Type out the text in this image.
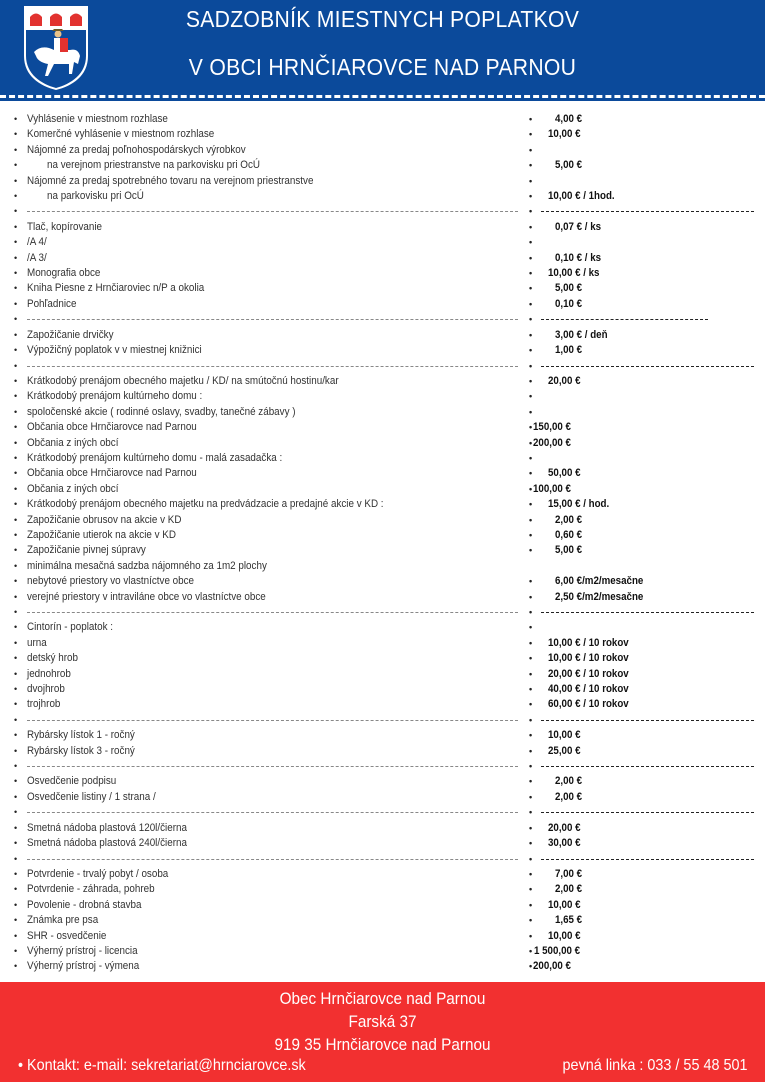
SADZOBNÍK MIESTNYCH POPLATKOV
V OBCI HRNČIAROVCE NAD PARNOU
• Vyhlásenie v miestnom rozhlase	• 4,00 €
• Komerčné vyhlásenie v miestnom rozhlase	• 10,00 €
• Nájomné za predaj poľnohospodárskych výrobkov	•
•	na verejnom priestranstve na parkovisku pri OcÚ	• 5,00 €
• Nájomné za predaj spotrebného tovaru na verejnom priestranstve	•
•	na parkovisku pri OcÚ	• 10,00 € / 1hod.
•	•
• Tlač, kopírovanie	• 0,07 € / ks
• /A 4/	•
• /A 3/	• 0,10 € / ks
• Monografia obce	• 10,00 € / ks
• Kniha Piesne z Hrnčiaroviec n/P a okolia	• 5,00 €
• Pohľadnice	• 0,10 €
•	•
• Zapožičanie drvičky	• 3,00 € / deň
• Výpožičný poplatok v v miestnej knižnici	• 1,00 €
•	•
• Krátkodobý prenájom obecného majetku / KD/ na smútočnú hostinu/kar	• 20,00 €
• Krátkodobý prenájom kultúrneho domu :	•
• spoločenské akcie ( rodinné oslavy, svadby, tanečné zábavy )	•
• Občania obce Hrnčiarovce nad Parnou	• 150,00 €
• Občania z iných obcí	• 200,00 €
• Krátkodobý prenájom kultúrneho domu - malá zasadačka :	•
• Občania obce Hrnčiarovce nad Parnou	• 50,00 €
• Občania z iných obcí	• 100,00 €
• Krátkodobý prenájom obecného majetku na predvádzacie a predajné akcie v KD :	• 15,00 € / hod.
• Zapožičanie obrusov na akcie v KD	• 2,00 €
• Zapožičanie utierok na akcie v KD	• 0,60 €
• Zapožičanie pivnej súpravy	• 5,00 €
• minimálna mesačná sadzba nájomného za 1m2 plochy
• nebytové priestory vo vlastníctve obce	• 6,00 €/m2/mesačne
• verejné priestory v intraviláne obce vo vlastníctve obce	• 2,50 €/m2/mesačne
•	•
• Cintorín - poplatok :	•
• urna	• 10,00 € / 10 rokov
• detský hrob	• 10,00 € / 10 rokov
• jednohrob	• 20,00 € / 10 rokov
• dvojhrob	• 40,00 € / 10 rokov
• trojhrob	• 60,00 € / 10 rokov
•	•
• Rybársky lístok 1 - ročný	• 10,00 €
• Rybársky lístok 3 - ročný	• 25,00 €
•	•
• Osvedčenie podpisu	• 2,00 €
• Osvedčenie listiny / 1 strana /	• 2,00 €
•	•
• Smetná nádoba plastová 120l/čierna	• 20,00 €
• Smetná nádoba plastová 240l/čierna	• 30,00 €
•	•
• Potvrdenie - trvalý pobyt / osoba	• 7,00 €
• Potvrdenie - záhrada, pohreb	• 2,00 €
• Povolenie - drobná stavba	• 10,00 €
• Známka pre psa	• 1,65 €
• SHR - osvedčenie	• 10,00 €
• Výherný prístroj - licencia	• 1 500,00 €
• Výherný prístroj - výmena	• 200,00 €
Obec Hrnčiarovce nad Parnou
Farská 37
919 35 Hrnčiarovce nad Parnou
• Kontakt: e-mail: sekretariat@hrnciarovce.sk	pevná linka : 033 / 55 48 501
